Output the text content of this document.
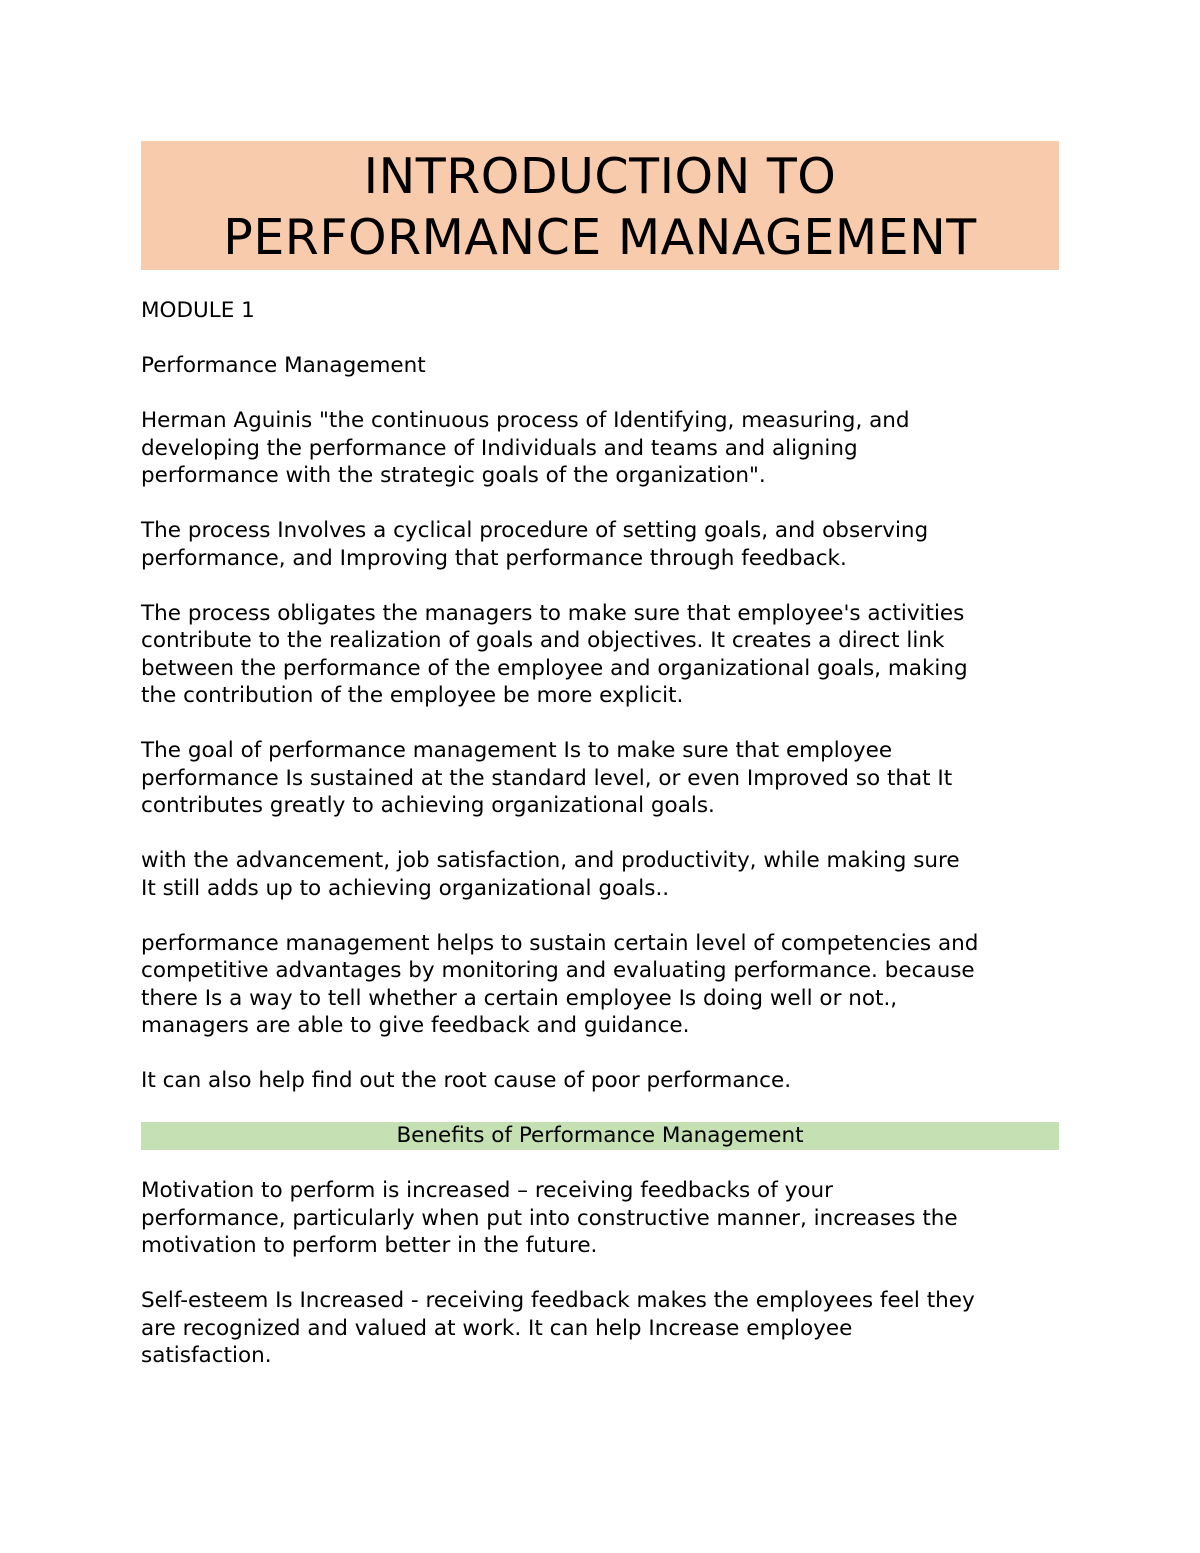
INTRODUCTION TO
PERFORMANCE MANAGEMENT

MODULE 1

Performance Management

Herman Aguinis "the continuous process of Identifying, measuring, and

developing the performance of Individuals and teams and aligning

performance with the strategic goals of the organization".

The process Involves a cyclical procedure of setting goals, and observing

performance, and Improving that performance through feedback.

The process obligates the managers to make sure that employee's activities

contribute to the realization of goals and objectives. It creates a direct link

between the performance of the employee and organizational goals, making

the contribution of the employee be more explicit.

The goal of performance management Is to make sure that employee

performance Is sustained at the standard level, or even Improved so that It

contributes greatly to achieving organizational goals.

with the advancement, job satisfaction, and productivity, while making sure

It still adds up to achieving organizational goals..

performance management helps to sustain certain level of competencies and

competitive advantages by monitoring and evaluating performance. because

there Is a way to tell whether a certain employee Is doing well or not.,

managers are able to give feedback and guidance.

It can also help find out the root cause of poor performance.

Benefits of Performance Management

Motivation to perform is increased – receiving feedbacks of your

performance, particularly when put into constructive manner, increases the

motivation to perform better in the future.

Self-esteem Is Increased - receiving feedback makes the employees feel they

are recognized and valued at work. It can help Increase employee

satisfaction.
